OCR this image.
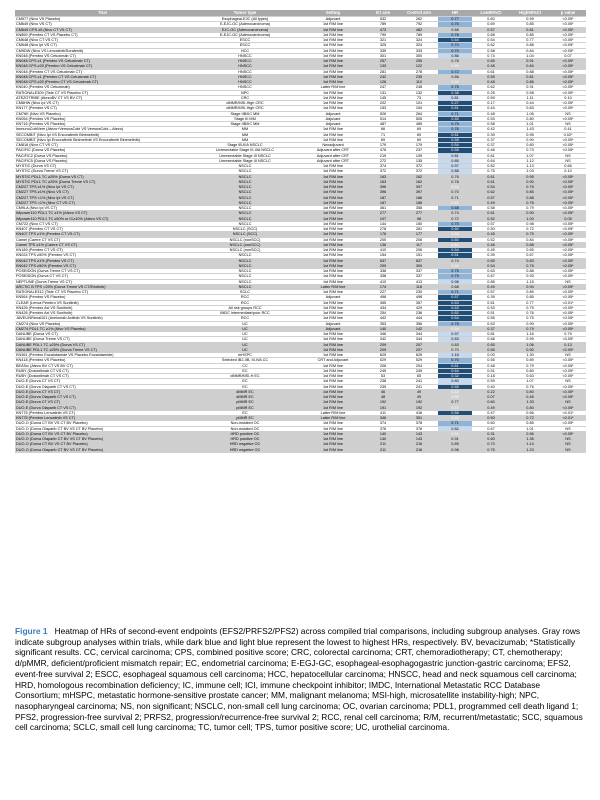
Trial	Tumor type	Setting	ICI arm	Control arm	HR	Low95%CI	High95%CI	p value
CM577 (Nivo VS Placebo)	Esophageal-EJC (All types)	Adjuvant	532	262	0.77	0.60	0.99	<0.05*
CM649 (Nivo VS CT)	E-EJC-GC (Adenocarcinoma)	1st R/M line	789	792	0.76	0.69	0.85	<0.05*
CM649 CPS ≥5 (Nivo CT VS CT)	EJC-GC (Adenocarcinoma)	1st R/M line	473	482	0.68	0.57	0.81	<0.05*
KN859 (Pembro CT VS Placebo CT)	E-EJC-GC (Adenocarcinoma)	1st R/M line	790	789	0.76	0.68	0.85	<0.05*
CM648 (Nivo CT VS CT)	ESCC	1st R/M line	321	324	0.64	0.54	0.77	<0.05*
CM648 (Nivo Ipi VS CT)	ESCC	1st R/M line	325	324	0.74	0.62	0.88	<0.05*
CM9DW (Nivo VS Lenvatinib/Sorafenib)	HCC	1st R/M line	335	333	0.70	0.58	0.84	<0.05*
KN048 (Pembro VS Cetuximab CT)	HNSCC	1st R/M line	301	300	0.86	0.74	1.04	0.07
KN048 CPS ≥1 (Pembro VS Cetuximab CT)	HNSCC	1st R/M line	257	255	0.76	0.65	0.91	<0.05*
KN048 CPS ≥20 (Pembro VS Cetuximab CT)	HNSCC	1st R/M line	133	122	0.64	0.48	0.84	<0.05*
KN048 (Pembro CT VS Cetuximab CT)	HNSCC	1st R/M line	281	278	0.72	0.61	0.88	<0.05*
KN048 CPS ≥1 (Pembro CT VS Cetuximab CT)	HNSCC	1st R/M line	242	235	0.66	0.55	0.81	<0.05*
KN048 CPS ≥20 (Pembro CT VS Cetuximab CT)	HNSCC	1st R/M line	126	110	0.64	0.48	0.86	<0.05*
KN040 (Pembro VS Cetuximab)	HNSCC	Latter R/M line	247	248	0.75	0.62	0.91	<0.05*
RATIONALE309 (Tisle CT VS Placebo CT)	NPC	1st R/M line	131	132	0.38	0.25	0.58	<0.05*
ATEZOTRIBE (AtezoBV CT VS BV CT)	CRC	1st R/M line	145	73	0.81	0.59	1.11	0.10
CM8HW (Nivo Ipi VS CT)	dMMR/MSI-High CRC	1st R/M line	202	101	0.27	0.17	0.44	<0.05*
KN177 (Pembro VS CT)	dMMR/MSI-High CRC	1st R/M line	153	154	0.61	0.44	0.83	<0.05*
CM76K (Nivo VS Placebo)	Stage IIB/IIC MM	Adjuvant	526	264	0.71	0.48	1.06	NS
KN054 (Pembro VS Placebo)	Stage III MM	Adjuvant	514	505	0.65	0.53	0.80	<0.05*
KN716 (Pembro VS Placebo)	Stage IIB/IIC MM	Adjuvant	487	489	0.75	0.58	1.01	NS
ImmunoCobiVem (Atezo+VemuraCobi VS VemuraCobi→Atezo)	MM	1st R/M line	66	69	0.76	0.42	1.43	0.41
SECOMBIT (Nivo Ipi VS Encorafenib Binimetinib)	MM	1st R/M line	71	69	0.61	0.39	0.95	0.02*
SECOMBIT (Nivo Ipi Encorafenib Binimetinib VS Encorafenib Binimetinib)	MM	1st R/M line	69	69	0.58	0.37	0.90	<0.05*
CM816 (Nivo CT VS CT)	Stage IB-IIIA NSCLC	Neoadjuvant	179	179	0.54	0.37	0.80	<0.05*
PACIFIC (Durva VS Placebo)	Unresectable Stage III-IIIA NSCLC	Adjuvant after CRT	476	237	0.58	0.46	0.73	<0.05*
PACIFIC2 (Durva VS Placebo)	Unresectable Stage III NSCLC	Adjuvant after CRT	219	109	0.81	0.61	1.07	NS
PACIFIC5 (Durva VS Placebo)	Unresectable Stage III NSCLC	Adjuvant after CRT	272	135	0.85	0.64	1.12	NS
MYSTIC (Durva VS CT)	NSCLC	1st R/M line	374	372	0.97	0.82	1.13	0.66
MYSTIC (Durva Treme VS CT)	NSCLC	1st R/M line	372	372	0.88	0.75	1.03	0.10
MYSTIC PDL1 TC ≥25% (Durva VS CT)	NSCLC	1st R/M line	163	162	0.76	0.61	0.95	<0.05*
MYSTIC PDL1 TC ≥25% (Durva Treme VS CT)	NSCLC	1st R/M line	163	162	0.76	0.61	0.90	<0.05*
CM227 TPS ≥1% (Nivo Ipi VS CT)	NSCLC	1st R/M line	396	397	0.64	0.54	0.76	<0.05*
CM227 TPS ≥1% (Nivo VS CT)	NSCLC	1st R/M line	396	397	0.70	0.62	0.85	<0.05*
CM227 TPS <1% (Nivo Ipi VS CT)	NSCLC	1st R/M line	187	186	0.71	0.57	0.88	<0.05*
CM227 TPS <1% (Nivo CT VS CT)	NSCLC	1st R/M line	187	186	0.61	0.49	0.76	<0.05*
CM9LA (Nivo Ipi VS CT)	NSCLC	1st R/M line	361	358	0.68	0.58	0.79	<0.05*
IMpower110 PDL1 TC ≥1% (Atezo VS CT)	NSCLC	1st R/M line	277	277	0.74	0.61	0.90	<0.05*
IMpower110 PDL1 TC ≥50% or IC≥10% (Atezo VS CT)	NSCLC	1st R/M line	107	98	0.72	0.52	1.00	0.05
CM722 (Nivo CT VS CT)	NSCLC	1st R/M line	144	150	0.75	0.57	0.98	<0.05*
KN407 (Pembro CT VS CT)	NSCLC (SCC)	1st R/M line	278	281	0.60	0.50	0.72	<0.05*
KN407 TPS ≥1% (Pembro CT VS CT)	NSCLC (SCC)	1st R/M line	176	177	0.58	0.45	0.75	<0.05*
Camel (Camre CT VS CT)	NSCLC (nonSCC)	1st R/M line	205	206	0.60	0.52	0.84	<0.05*
Camel TPS ≥1% (Camre CT VS CT)	NSCLC (nonSCC)	1st R/M line	136	117	0.64	0.46	0.88	<0.05*
KN189 (Pembro CT VS CT)	NSCLC (nonSCC)	1st R/M line	410	206	0.54	0.45	0.65	<0.05*
KN024 TPS ≥50% (Pembro VS CT)	NSCLC	1st R/M line	154	151	0.51	0.39	0.67	<0.05*
KN042 TPS ≥1% (Pembro VS CT)	NSCLC	1st R/M line	637	637	0.74	0.65	0.83	<0.05*
KN042 TPS ≥50% (Pembro VS CT)	NSCLC	1st R/M line	299	300	0.64	0.54	0.76	<0.05*
POSEIDON (Durva Treme CT VS CT)	NSCLC	1st R/M line	338	337	0.75	0.63	0.88	<0.05*
POSEIDON (Durva CT VS CT)	NSCLC	1st R/M line	338	337	0.79	0.67	0.93	<0.05*
NEPTUNE (Durva Treme VS CT)	NSCLC	1st R/M line	410	413	0.96	0.85	1.15	NS
ARCTIC B TPS <25% (Durva Treme VS CT/Erlotinib)	NSCLC	Latter R/M line	174	118	0.68	0.49	0.94	<0.05*
RATIONALE312 (Tisle CT VS Placebo CT)	SCLC	1st R/M line	227	230	0.71	0.57	0.89	<0.05*
KN564 (Pembro VS Placebo)	RCC	Adjuvant	496	498	0.57	0.39	0.85	<0.05*
CLEAR (Lenva Pembro VS Sunitinib)	RCC	1st R/M line	355	357	0.63	0.51	0.77	<0.01*
KN426 (Pembro Axi VS Sunitinib)	All risk groups RCC	1st R/M line	434	429	0.63	0.53	0.75	<0.05*
KN426 (Pembro Axi VS Sunitinib)	IMDC intermediate/poor RCC	1st R/M line	254	236	0.62	0.51	0.76	<0.05*
JAVELINRenal101 (Avelumab Axitinib VS Sunitinib)	RCC	1st R/M line	442	444	0.64	0.55	0.75	<0.05*
CM274 (Nivo VS Placebo)	UC	Adjuvant	353	356	0.75	0.63	0.90	<0.05*
CM274 PDL1 TC ≥1% (Nivo VS Placebo)	UC	Adjuvant	140	142	0.54	0.37	0.79	<0.05*
DANUBE (Durva VS CT)	UC	1st R/M line	346	344	0.97	0.81	1.16	0.79
DANUBE (Durva Treme VS CT)	UC	1st R/M line	342	344	0.83	0.68	0.99	<0.05*
DANUBE PDL1 TC ≥25% (Durva VS CT)	UC	1st R/M line	209	207	0.83	0.65	1.06	0.13
DANUBE PDL1 TC ≥25% (Durva Treme VS CT)	UC	1st R/M line	209	207	0.70	0.55	0.90	<0.05*
KN361 (Pembro Enzalutamide VS Placebo Enzalutamide)	mHSPC	1st R/M line	625	625	1.16	0.00	1.30	NS
KN418 (Pembro VS Placebo)	Selected IB2-IIB, III-IVA CC	CRT and Adjuvant	529	529	0.70	0.55	0.89	<0.05*
BEATcc (Atezo BV CT VS BV CT)	CC	1st R/M line	206	204	0.61	0.48	0.79	<0.05*
RUBY (Dostarlimab CT VS CT)	EC	1st R/M line	245	249	0.64	0.51	0.80	<0.05*
RUBY (Dostarlimab CT VS CT)	dMMR/MSI-H EC	1st R/M line	53	65	0.32	0.18	0.63	<0.05*
DUO-E (Durva CT VS CT)	EC	1st R/M line	238	241	0.80	0.59	1.07	NS
DUO-E (Durva Olaparib CT VS CT)	EC	1st R/M line	239	241	0.55	0.40	0.76	<0.05*
DUO-E (Durva CT VS CT)	dMMR EC	1st R/M line	46	49	0.42	0.22	0.80	<0.05*
DUO-E (Durva Olaparib CT VS CT)	dMMR EC	1st R/M line	48	49	0.59	0.07	0.46	<0.05*
DUO-E (Durva CT VS CT)	pMMR EC	1st R/M line	192	192	0.77	0.60	1.33	NS
DUO-E (Durva Olaparib CT VS CT)	pMMR EC	1st R/M line	191	192	0.57	0.49	0.80	<0.05*
KN775 (Pembro Lenvatinib VS CT)	EC	Latter R/M line	411	416	0.56	0.47	0.66	<0.01*
KN775 (Pembro Lenvatinib VS CT)	pMMR EC	Latter R/M line	346	351	0.60	0.50	0.72	<0.01*
DUO-O (Durva CT BV VS CT BV Placebo)	Non-mutated OC	1st R/M line	374	378	0.71	0.60	0.85	<0.05*
DUO-O (Durva Olaparib CT BV VS CT BV Placebo)	Non-mutated OC	1st R/M line	376	378	0.82	0.67	1.01	NS
DUO-O (Durva CT BV VS CT BV Placebo)	HRD positive OC	1st R/M line	140	143	0.51	0.31	0.56	<0.05*
DUO-O (Durva Olaparib CT BV VS CT BV Placebo)	HRD positive OC	1st R/M line	140	143	0.91	0.60	1.36	NS
DUO-O (Durva CT BV VS CT BV Placebo)	HRD negative OC	1st R/M line	211	216	0.89	0.70	1.14	NS
DUO-O (Durva Olaparib CT BV VS CT BV Placebo)	HRD negative OC	1st R/M line	211	216	0.96	0.75	1.23	NS
Figure 1 Heatmap of HRs of second-event endpoints (EFS2/PRFS2/PFS2) across compiled trial comparisons, including subgroup analyses. Gray rows indicate subgroup analyses within trials, while dark blue and light blue represent the lowest to highest HRs, respectively. BV, bevacizumab; *Statistically significant results. CC, cervical carcinoma; CPS, combined positive score; CRC, colorectal carcinoma; CRT, chemoradiotherapy; CT, chemotherapy; d/pMMR, deficient/proficient mismatch repair; EC, endometrial carcinoma; E-EGJ-GC, esophageal-esophagogastric junction-gastric carcinoma; EFS2, event-free survival 2; ESCC, esophageal squamous cell carcinoma; HCC, hepatocellular carcinoma; HNSCC, head and neck squamous cell carcinoma; HRD, homologous recombination deficiency; IC, immune cell; ICI, immune checkpoint inhibitor; IMDC, International Metastatic RCC Database Consortium; mHSPC, metastatic hormone-sensitive prostate cancer; MM, malignant melanoma; MSI-high, microsatellite instability-high; NPC, nasopharyngeal carcinoma; NS, non significant; NSCLC, non-small cell lung carcinoma; OC, ovarian carcinoma; PDL1, programmed cell death ligand 1; PFS2, progression-free survival 2; PRFS2, progression/recurrence-free survival 2; RCC, renal cell carcinoma; R/M, recurrent/metastatic; SCC, squamous cell carcinoma; SCLC, small cell lung carcinoma; TC, tumor cell; TPS, tumor positive score; UC, urothelial carcinoma.
